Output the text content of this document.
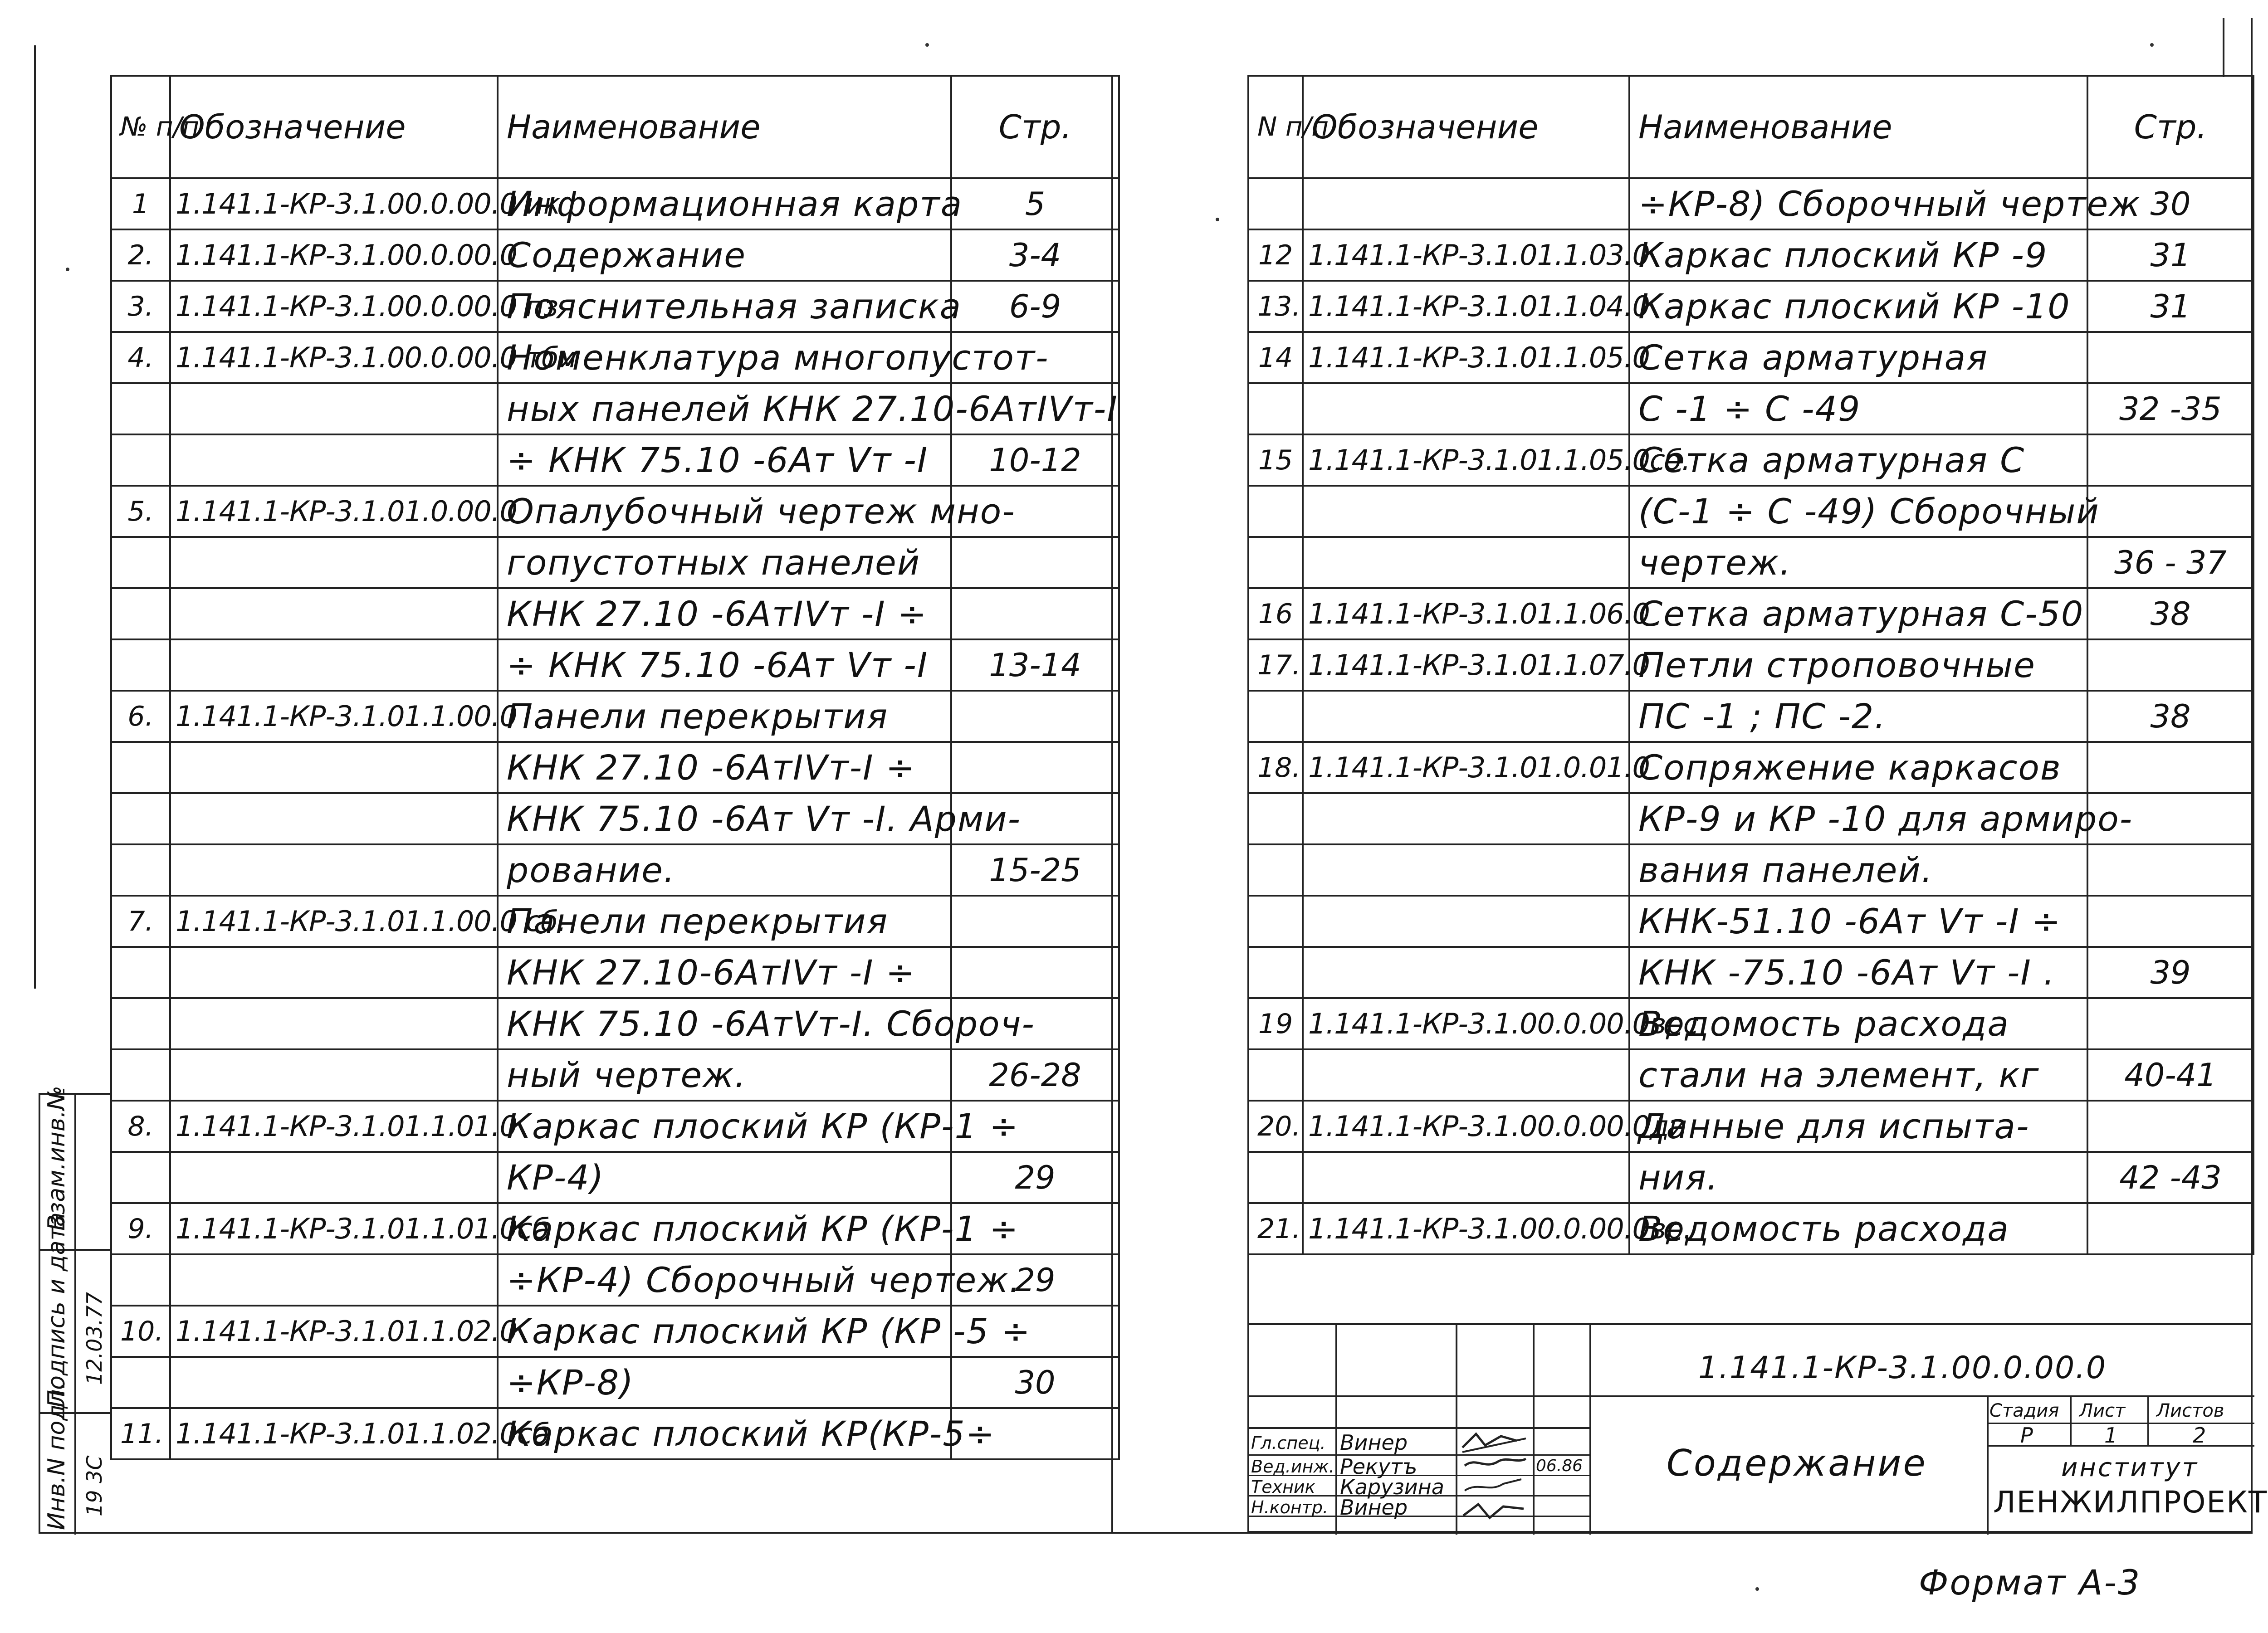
№ п/п	Обозначение	Наименование	Стр.
1	1.141.1-КР-3.1.00.0.00.0 ик	Информационная карта	5
2.	1.141.1-КР-3.1.00.0.00.0	Содержание	3-4
3.	1.141.1-КР-3.1.00.0.00.0 пз	Пояснительная записка	6-9
4.	1.141.1-КР-3.1.00.0.00.0 тби	Номенклатура многопустот-	
		ных панелей КНК 27.10-6АтIVт-I	
		÷ КНК 75.10 -6Ат Vт -I	10-12
5.	1.141.1-КР-3.1.01.0.00.0	Опалубочный чертеж мно-	
		гопустотных панелей	
		КНК 27.10 -6АтIVт -I ÷	
		÷ КНК 75.10 -6Ат Vт -I	13-14
6.	1.141.1-КР-3.1.01.1.00.0	Панели перекрытия	
		КНК 27.10 -6АтIVт-I ÷	
		КНК 75.10 -6Ат Vт -I. Арми-	
		рование.	15-25
7.	1.141.1-КР-3.1.01.1.00.0 сб.	Панели перекрытия	
		КНК 27.10-6АтIVт -I ÷	
		КНК 75.10 -6АтVт-I. Сбороч-	
		ный чертеж.	26-28
8.	1.141.1-КР-3.1.01.1.01.0	Каркас плоский КР (КР-1 ÷	
		КР-4)	29
9.	1.141.1-КР-3.1.01.1.01.0сб	Каркас плоский КР (КР-1 ÷	
		÷КР-4) Сборочный чертеж.	29
10.	1.141.1-КР-3.1.01.1.02.0	Каркас плоский КР (КР -5 ÷	
		÷КР-8)	30
11.	1.141.1-КР-3.1.01.1.02.0сб	Каркас плоский КР(КР-5÷	
N п/п	Обозначение	Наименование	Стр.
		÷КР-8) Сборочный чертеж	30
12	1.141.1-КР-3.1.01.1.03.0	Каркас плоский КР -9	31
13.	1.141.1-КР-3.1.01.1.04.0	Каркас плоский КР -10	31
14	1.141.1-КР-3.1.01.1.05.0	Сетка арматурная	
		С -1 ÷ С -49	32 -35
15	1.141.1-КР-3.1.01.1.05.0сб.	Сетка арматурная С	
		(С-1 ÷ С -49) Сборочный	
		чертеж.	36 - 37
16	1.141.1-КР-3.1.01.1.06.0	Сетка арматурная С-50	38
17.	1.141.1-КР-3.1.01.1.07.0	Петли строповочные	
		ПС -1 ; ПС -2.	38
18.	1.141.1-КР-3.1.01.0.01.0	Сопряжение каркасов	
		КР-9 и КР -10 для армиро-	
		вания панелей.	
		КНК-51.10 -6Ат Vт -I ÷	
		КНК -75.10 -6Ат Vт -I .	39
19	1.141.1-КР-3.1.00.0.00.0врс	Ведомость расхода	
		стали на элемент, кг	40-41
20.	1.141.1-КР-3.1.00.0.00.0ди	Данные для испыта-	
		ния.	42 -43
21.	1.141.1-КР-3.1.00.0.00.0вр.	Ведомость расхода	
1.141.1-КР-3.1.00.0.00.0
Содержание
Стадия Лист Листов
Р	1	2
институт
ЛЕНЖИЛПРОЕКТ
Гл.спец. Винер
Вед.инж. Рекутъ
Техник Карузина
Н.контр. Винер
06.86
Взам.инв.№
Подпись и дата
Инв.N подл.
12.03.77
19 3С
Формат А-3
